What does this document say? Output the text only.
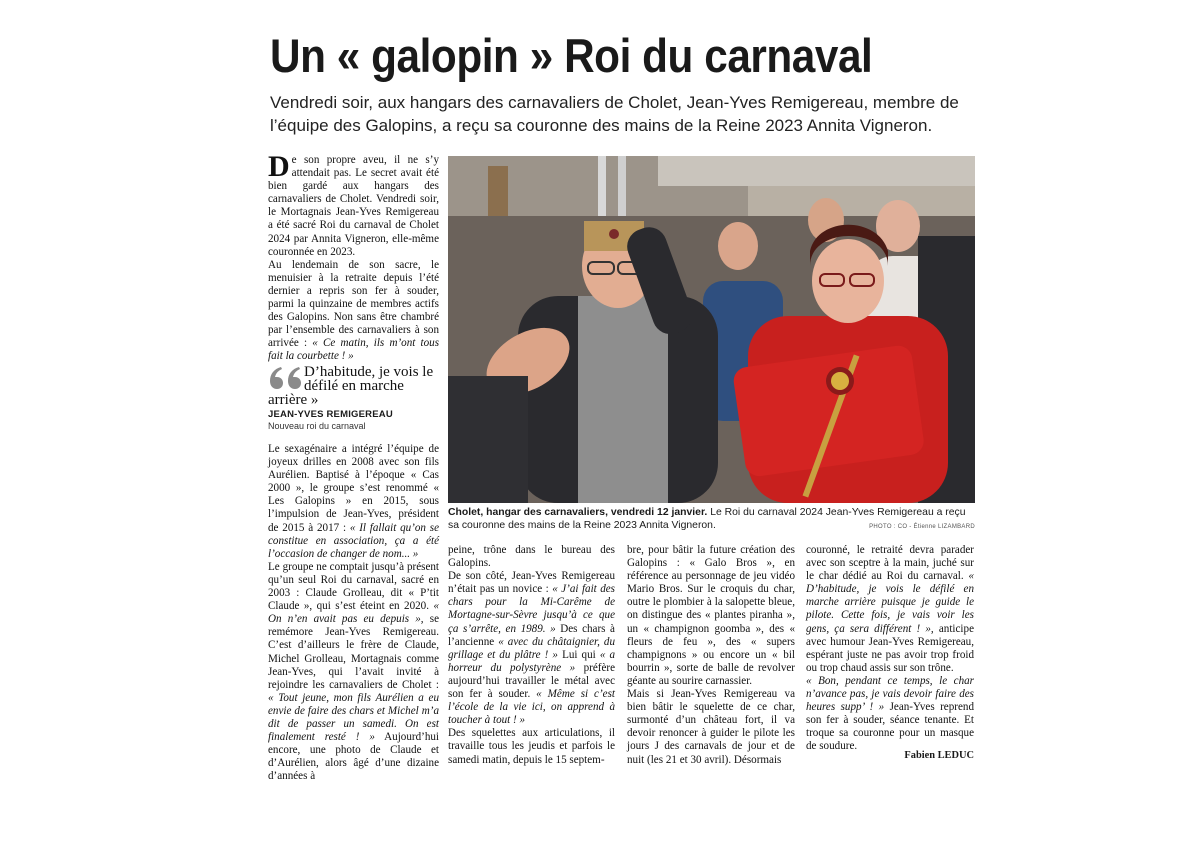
Un « galopin » Roi du carnaval
Vendredi soir, aux hangars des carnavaliers de Cholet, Jean-Yves Remigereau, membre de l’équipe des Galopins, a reçu sa couronne des mains de la Reine 2023 Annita Vigneron.

De son propre aveu, il ne s’y attendait pas. Le secret avait été bien gardé aux hangars des carnavaliers de Cholet. Vendredi soir, le Mortagnais Jean-Yves Remigereau a été sacré Roi du carnaval de Cholet 2024 par Annita Vigneron, elle-même couronnée en 2023.

Au lendemain de son sacre, le menuisier à la retraite depuis l’été dernier a repris son fer à souder, parmi la quinzaine de membres actifs des Galopins. Non sans être chambré par l’ensemble des carnavaliers à son arrivée : « Ce matin, ils m’ont tous fait la courbette ! »

D’habitude, je vois le défilé en marche arrière »
JEAN-YVES REMIGEREAU
Nouveau roi du carnaval

Le sexagénaire a intégré l’équipe de joyeux drilles en 2008 avec son fils Aurélien. Baptisé à l’époque « Cas 2000 », le groupe s’est renommé « Les Galopins » en 2015, sous l’impulsion de Jean-Yves, président de 2015 à 2017 : « Il fallait qu’on se constitue en association, ça a été l’occasion de changer de nom... »

Le groupe ne comptait jusqu’à présent qu’un seul Roi du carnaval, sacré en 2003 : Claude Grolleau, dit « P’tit Claude », qui s’est éteint en 2020. « On n’en avait pas eu depuis », se remémore Jean-Yves Remigereau. C’est d’ailleurs le frère de Claude, Michel Grolleau, Mortagnais comme Jean-Yves, qui l’avait invité à rejoindre les carnavaliers de Cholet : « Tout jeune, mon fils Aurélien a eu envie de faire des chars et Michel m’a dit de passer un samedi. On est finalement resté ! » Aujourd’hui encore, une photo de Claude et d’Aurélien, alors âgé d’une dizaine d’années à

Cholet, hangar des carnavaliers, vendredi 12 janvier. Le Roi du carnaval 2024 Jean-Yves Remigereau a reçu sa couronne des mains de la Reine 2023 Annita Vigneron.	PHOTO : CO - Étienne LIZAMBARD

peine, trône dans le bureau des Galopins.

De son côté, Jean-Yves Remigereau n’était pas un novice : « J’ai fait des chars pour la Mi-Carême de Mortagne-sur-Sèvre jusqu’à ce que ça s’arrête, en 1989. » Des chars à l’ancienne « avec du châtaignier, du grillage et du plâtre ! » Lui qui « a horreur du polystyrène » préfère aujourd’hui travailler le métal avec son fer à souder. « Même si c’est l’école de la vie ici, on apprend à toucher à tout ! »

Des squelettes aux articulations, il travaille tous les jeudis et parfois le samedi matin, depuis le 15 septem-

bre, pour bâtir la future création des Galopins : « Galo Bros », en référence au personnage de jeu vidéo Mario Bros. Sur le croquis du char, outre le plombier à la salopette bleue, on distingue des « plantes piranha », un « champignon goomba », des « fleurs de feu », des « supers champignons » ou encore un « bil bourrin », sorte de balle de revolver géante au sourire carnassier.

Mais si Jean-Yves Remigereau va bien bâtir le squelette de ce char, surmonté d’un château fort, il va devoir renoncer à guider le pilote les jours J des carnavals de jour et de nuit (les 21 et 30 avril). Désormais

couronné, le retraité devra parader avec son sceptre à la main, juché sur le char dédié au Roi du carnaval. « D’habitude, je vois le défilé en marche arrière puisque je guide le pilote. Cette fois, je vais voir les gens, ça sera différent ! », anticipe avec humour Jean-Yves Remigereau, espérant juste ne pas avoir trop froid ou trop chaud assis sur son trône.

« Bon, pendant ce temps, le char n’avance pas, je vais devoir faire des heures supp’ ! » Jean-Yves reprend son fer à souder, séance tenante. Et troque sa couronne pour un masque de soudure.

Fabien LEDUC
